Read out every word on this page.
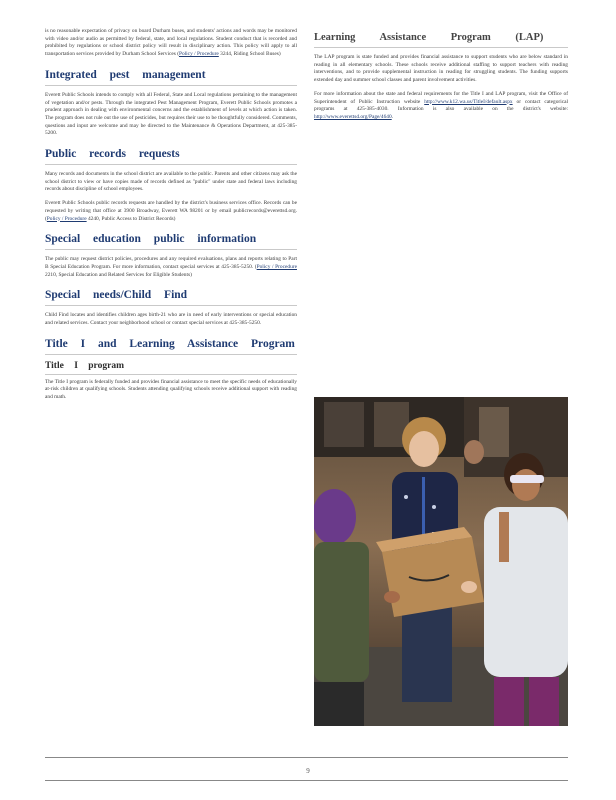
is no reasonable expectation of privacy on board Durham buses, and students' actions and words may be monitored with video and/or audio as permitted by federal, state, and local regulations. Student conduct that is recorded and prohibited by regulations or school district policy will result in disciplinary action. This policy will apply to all transportation services provided by Durham School Services (Policy / Procedure 3244, Riding School Buses)

Integrated pest management

Everett Public Schools intends to comply with all Federal, State and Local regulations pertaining to the management of vegetation and/or pests. Through the integrated Pest Management Program, Everett Public Schools promotes a prudent approach in dealing with environmental concerns and the establishment of levels at which action is taken. The program does not rule out the use of pesticides, but requires their use to be thoughtfully considered. Comments, questions and input are welcome and may be directed to the Maintenance & Operations Department, at 425-385-5200.

Public records requests

Many records and documents in the school district are available to the public. Parents and other citizens may ask the school district to view or have copies made of records defined as "public" under state and federal laws including records about discipline of school employees.

Everett Public Schools public records requests are handled by the district's business services office. Records can be requested by writing that office at 3900 Broadway, Everett WA 98201 or by email publicrecords@everettsd.org. (Policy / Procedure 4240, Public Access to District Records)

Special education public information

The public may request district policies, procedures and any required evaluations, plans and reports relating to Part B Special Education Program. For more information, contact special services at 425-385-5250. (Policy / Procedure 2210, Special Education and Related Services for Eligible Students)

Special needs/Child Find

Child Find locates and identifies children ages birth-21 who are in need of early interventions or special education and related services. Contact your neighborhood school or contact special services at 425-385-5250.

Title I and Learning Assistance Program
Title I program

The Title I program is federally funded and provides financial assistance to meet the specific needs of educationally at-risk children at qualifying schools. Students attending qualifying schools receive additional support with reading and math.

Learning Assistance Program (LAP)

The LAP program is state funded and provides financial assistance to support students who are below standard in reading in all elementary schools. These schools receive additional staffing to support teachers with reading interventions, and to provide supplemental instruction in reading for struggling students. The funding supports extended day and summer school classes and parent involvement activities.

For more information about the state and federal requirements for the Title I and LAP program, visit the Office of Superintendent of Public Instruction website http://www.k12.wa.us/TitleI/default.aspx or contact categorical programs at 425-385-4030. Information is also available on the district's website: http://www.everettsd.org/Page/4640.

9
